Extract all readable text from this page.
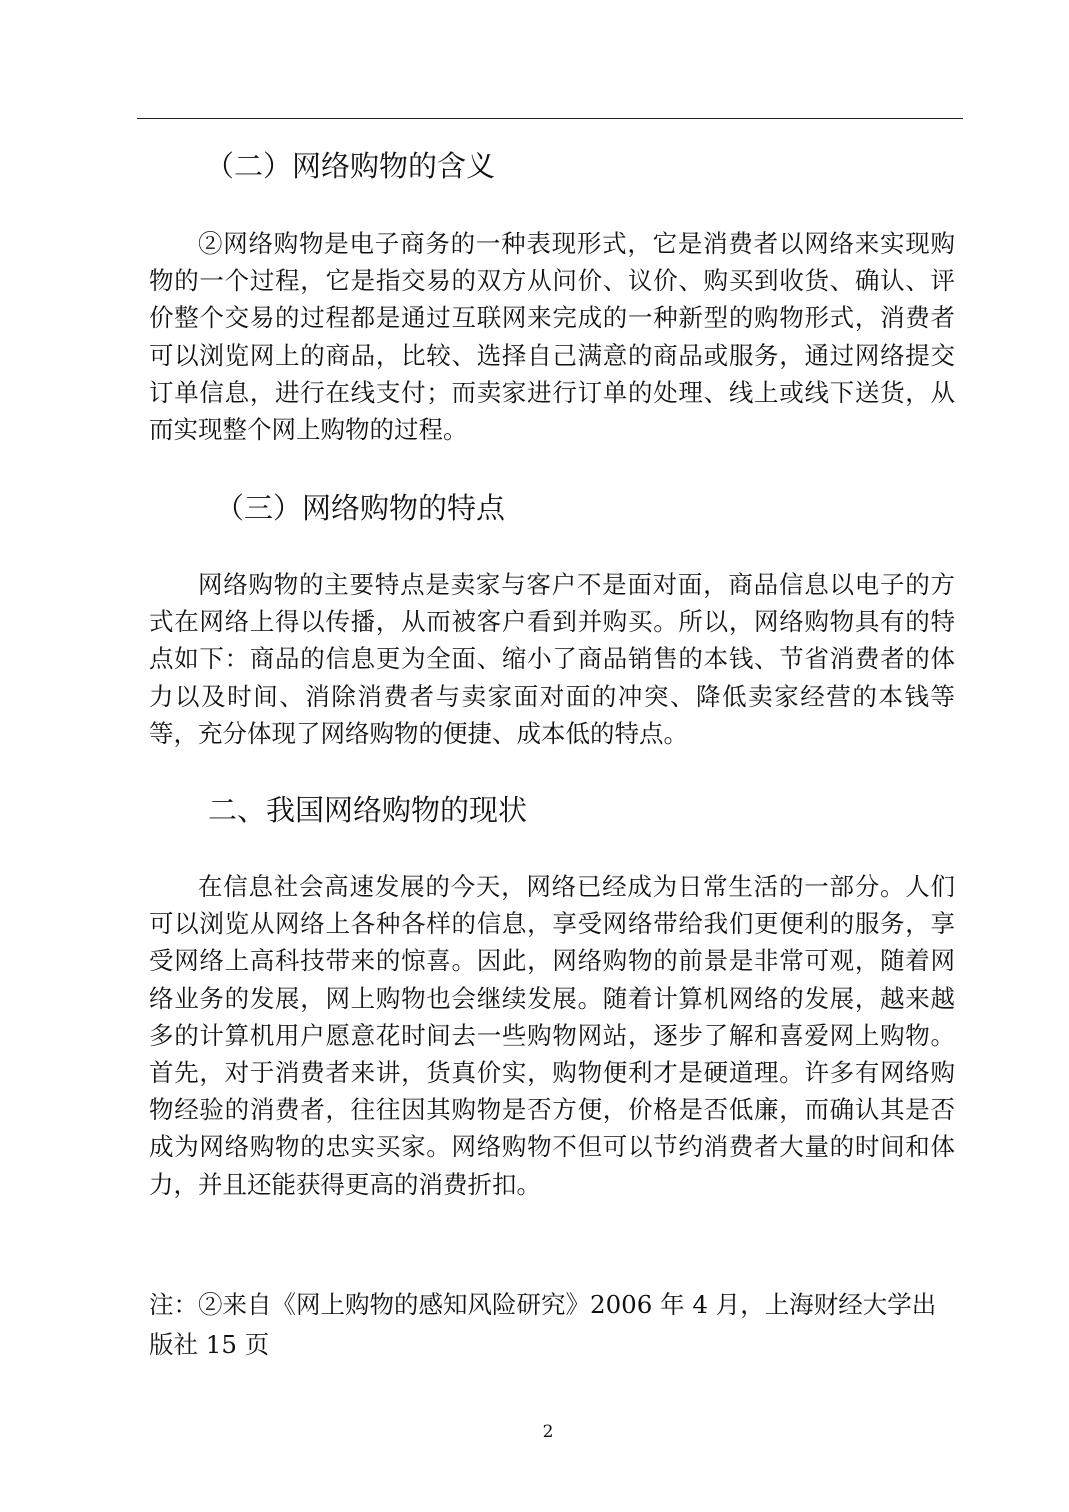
（二）网络购物的含义

②网络购物是电子商务的一种表现形式，它是消费者以网络来实现购物的一个过程，它是指交易的双方从问价、议价、购买到收货、确认、评价整个交易的过程都是通过互联网来完成的一种新型的购物形式，消费者可以浏览网上的商品，比较、选择自己满意的商品或服务，通过网络提交订单信息，进行在线支付；而卖家进行订单的处理、线上或线下送货，从而实现整个网上购物的过程。

（三）网络购物的特点

网络购物的主要特点是卖家与客户不是面对面，商品信息以电子的方式在网络上得以传播，从而被客户看到并购买。所以，网络购物具有的特点如下：商品的信息更为全面、缩小了商品销售的本钱、节省消费者的体力以及时间、消除消费者与卖家面对面的冲突、降低卖家经营的本钱等等，充分体现了网络购物的便捷、成本低的特点。

二、我国网络购物的现状

在信息社会高速发展的今天，网络已经成为日常生活的一部分。人们可以浏览从网络上各种各样的信息，享受网络带给我们更便利的服务，享受网络上高科技带来的惊喜。因此，网络购物的前景是非常可观，随着网络业务的发展，网上购物也会继续发展。随着计算机网络的发展，越来越多的计算机用户愿意花时间去一些购物网站，逐步了解和喜爱网上购物。首先，对于消费者来讲，货真价实，购物便利才是硬道理。许多有网络购物经验的消费者，往往因其购物是否方便，价格是否低廉，而确认其是否成为网络购物的忠实买家。网络购物不但可以节约消费者大量的时间和体力，并且还能获得更高的消费折扣。

注：②来自《网上购物的感知风险研究》2006 年 4 月，上海财经大学出版社 15 页

2
